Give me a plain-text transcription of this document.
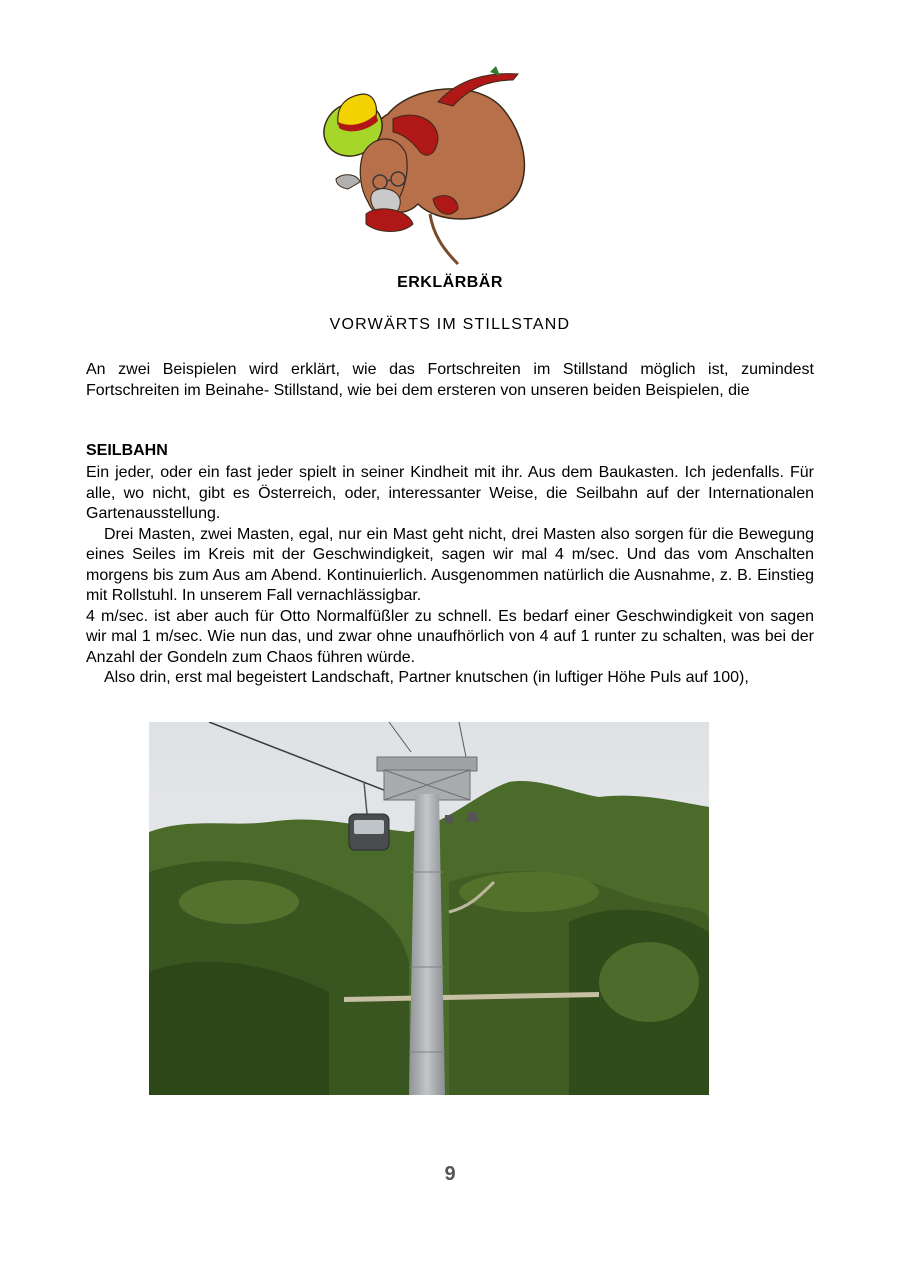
ERKLÄRBÄR
VORWÄRTS IM STILLSTAND

An zwei Beispielen wird erklärt, wie das Fortschreiten im Stillstand möglich ist, zumindest Fortschreiten im Beinahe- Stillstand, wie bei dem ersteren von unseren beiden Beispielen, die

SEILBAHN

Ein jeder, oder ein fast jeder spielt in seiner Kindheit mit ihr. Aus dem Baukasten. Ich jedenfalls. Für alle, wo nicht, gibt es Österreich, oder, interessanter Weise, die Seilbahn auf der Internationalen Gartenausstellung.

Drei Masten, zwei Masten, egal, nur ein Mast geht nicht, drei Masten also sorgen für die Bewegung eines Seiles im Kreis mit der Geschwindigkeit, sagen wir mal 4 m/sec. Und das vom Anschalten morgens bis zum Aus am Abend. Kontinuierlich. Ausgenommen natürlich die Ausnahme, z. B. Einstieg mit Rollstuhl. In unserem Fall vernachlässigbar.

4 m/sec. ist aber auch für Otto Normalfüßler zu schnell. Es bedarf einer Geschwindigkeit von sagen wir mal 1 m/sec. Wie nun das, und zwar ohne unaufhörlich von 4 auf 1 runter zu schalten, was bei der Anzahl der Gondeln zum Chaos führen würde.

Also drin, erst mal begeistert Landschaft, Partner knutschen (in luftiger Höhe Puls auf 100),

9
